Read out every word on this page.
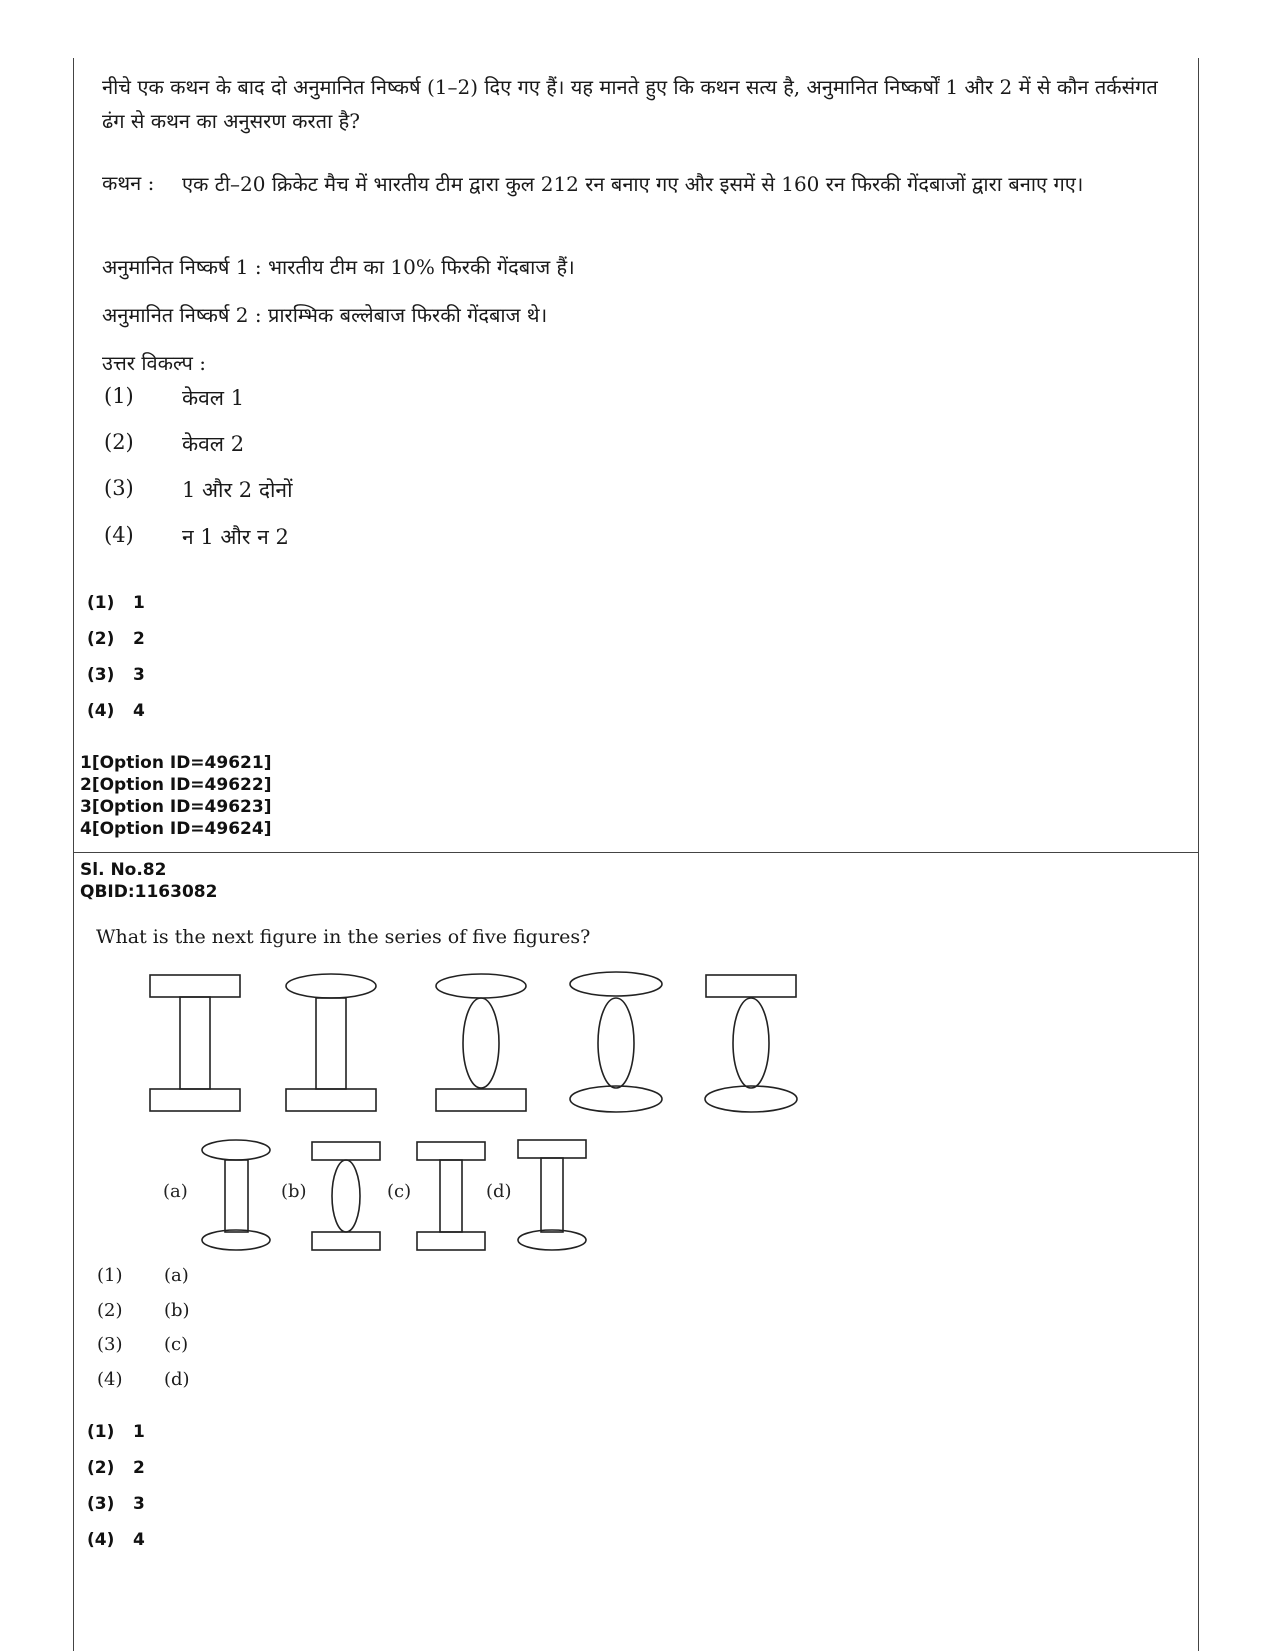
नीचे एक कथन के बाद दो अनुमानित निष्कर्ष (1–2) दिए गए हैं। यह मानते हुए कि कथन सत्य है, अनुमानित निष्कर्षों 1 और 2 में से कौन तर्कसंगत ढंग से कथन का अनुसरण करता है?
कथन : एक टी–20 क्रिकेट मैच में भारतीय टीम द्वारा कुल 212 रन बनाए गए और इसमें से 160 रन फिरकी गेंदबाजों द्वारा बनाए गए।
अनुमानित निष्कर्ष 1 : भारतीय टीम का 10% फिरकी गेंदबाज हैं।
अनुमानित निष्कर्ष 2 : प्रारम्भिक बल्लेबाज फिरकी गेंदबाज थे।
उत्तर विकल्प :
(1) केवल 1
(2) केवल 2
(3) 1 और 2 दोनों
(4) न 1 और न 2
(1) 1
(2) 2
(3) 3
(4) 4
1[Option ID=49621]
2[Option ID=49622]
3[Option ID=49623]
4[Option ID=49624]
Sl. No.82
QBID:1163082
What is the next figure in the series of five figures?
(a)	(b)	(c)	(d)
(1) (a)
(2) (b)
(3) (c)
(4) (d)
(1) 1
(2) 2
(3) 3
(4) 4
